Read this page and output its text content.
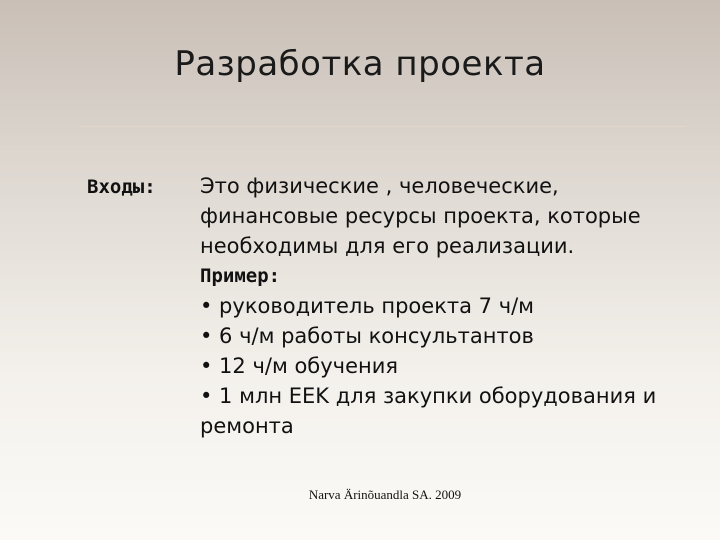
Разработка проекта
Входы: Это физические , человеческие,
финансовые ресурсы проекта, которые
необходимы для его реализации.
Пример:
• руководитель проекта 7 ч/м
• 6 ч/м работы консультантов
• 12 ч/м обучения
• 1 млн EEK для закупки оборудования и
ремонта
Narva Ärinõuandla SA. 2009
